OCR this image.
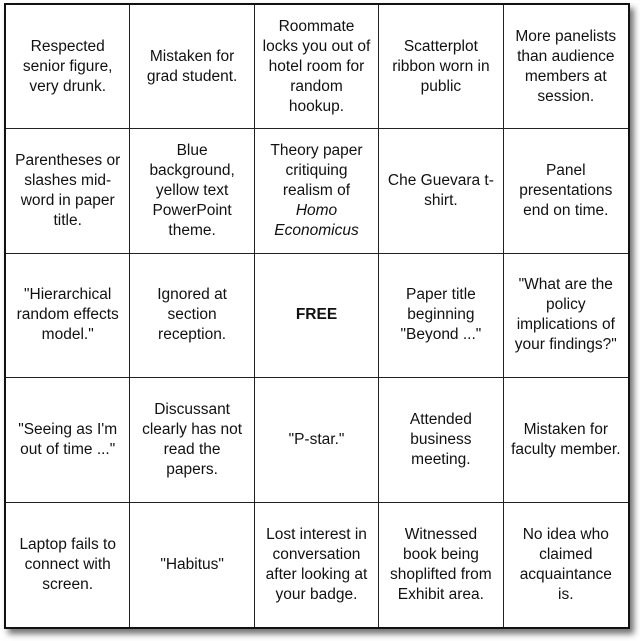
Respected senior figure, very drunk.
Mistaken for grad student.
Roommate locks you out of hotel room for random hookup.
Scatterplot ribbon worn in public
More panelists than audience members at session.
Parentheses or slashes mid-word in paper title.
Blue background, yellow text PowerPoint theme.
Theory paper critiquing realism of
Homo Economicus
Che Guevara t-shirt.
Panel presentations end on time.
"Hierarchical random effects model."
Ignored at section reception.
FREE
Paper title beginning "Beyond ..."
"What are the policy implications of your findings?"
"Seeing as I'm out of time ..."
Discussant clearly has not read the papers.
"P-star."
Attended business meeting.
Mistaken for faculty member.
Laptop fails to connect with screen.
"Habitus"
Lost interest in conversation after looking at your badge.
Witnessed book being shoplifted from Exhibit area.
No idea who claimed acquaintance is.
